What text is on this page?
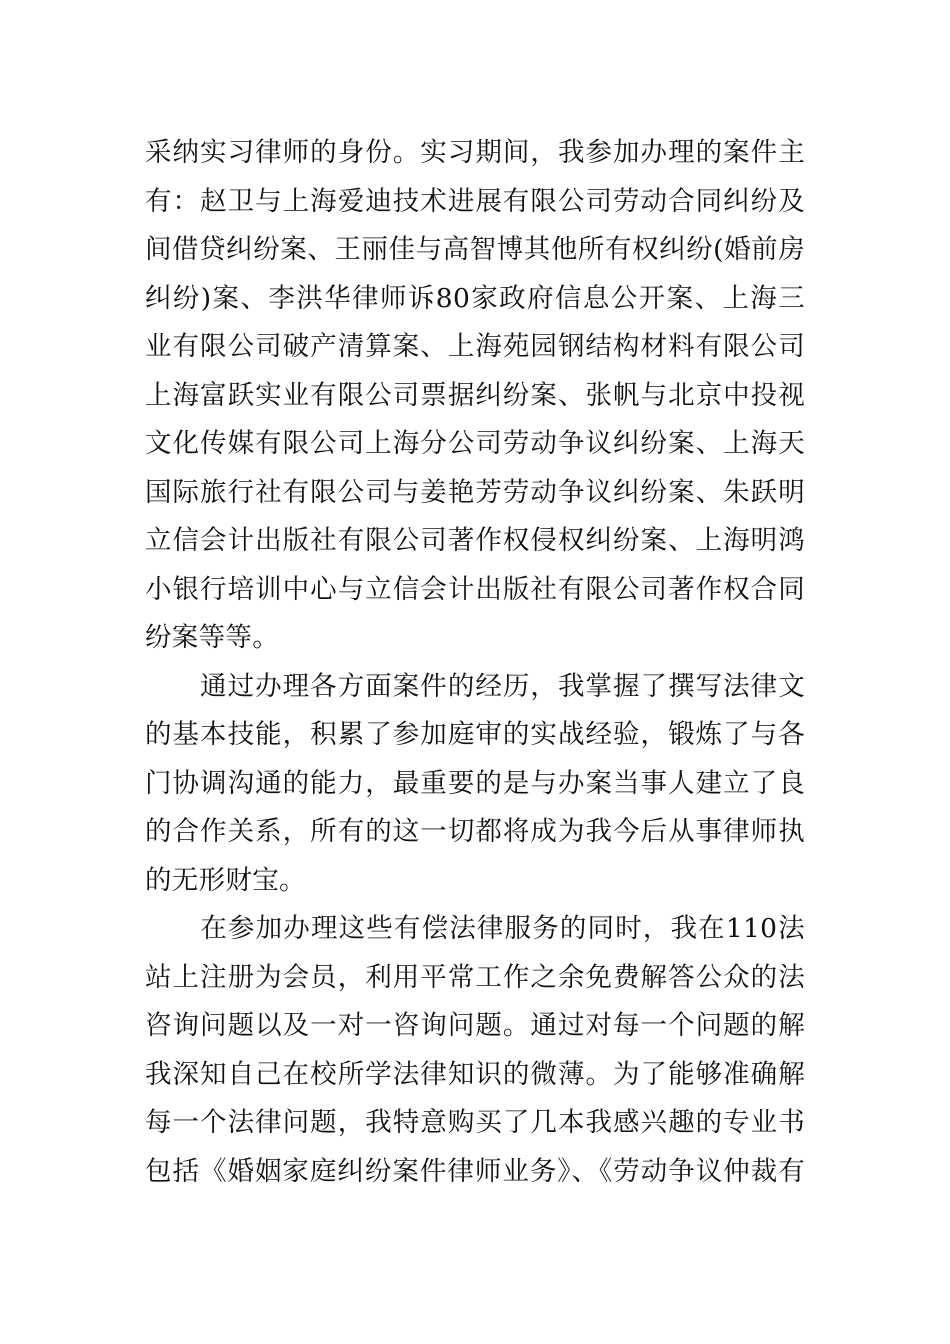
采纳实习律师的身份。实习期间，我参加办理的案件主
有：赵卫与上海爱迪技术进展有限公司劳动合同纠纷及
间借贷纠纷案、王丽佳与高智博其他所有权纠纷(婚前房
纠纷)案、李洪华律师诉80家政府信息公开案、上海三
业有限公司破产清算案、上海苑园钢结构材料有限公司
上海富跃实业有限公司票据纠纷案、张帆与北京中投视
文化传媒有限公司上海分公司劳动争议纠纷案、上海天
国际旅行社有限公司与姜艳芳劳动争议纠纷案、朱跃明
立信会计出版社有限公司著作权侵权纠纷案、上海明鸿
小银行培训中心与立信会计出版社有限公司著作权合同
纷案等等。
　　通过办理各方面案件的经历，我掌握了撰写法律文
的基本技能，积累了参加庭审的实战经验，锻炼了与各
门协调沟通的能力，最重要的是与办案当事人建立了良
的合作关系，所有的这一切都将成为我今后从事律师执
的无形财宝。
　　在参加办理这些有偿法律服务的同时，我在110法
站上注册为会员，利用平常工作之余免费解答公众的法
咨询问题以及一对一咨询问题。通过对每一个问题的解
我深知自己在校所学法律知识的微薄。为了能够准确解
每一个法律问题，我特意购买了几本我感兴趣的专业书
包括《婚姻家庭纠纷案件律师业务》、《劳动争议仲裁有
